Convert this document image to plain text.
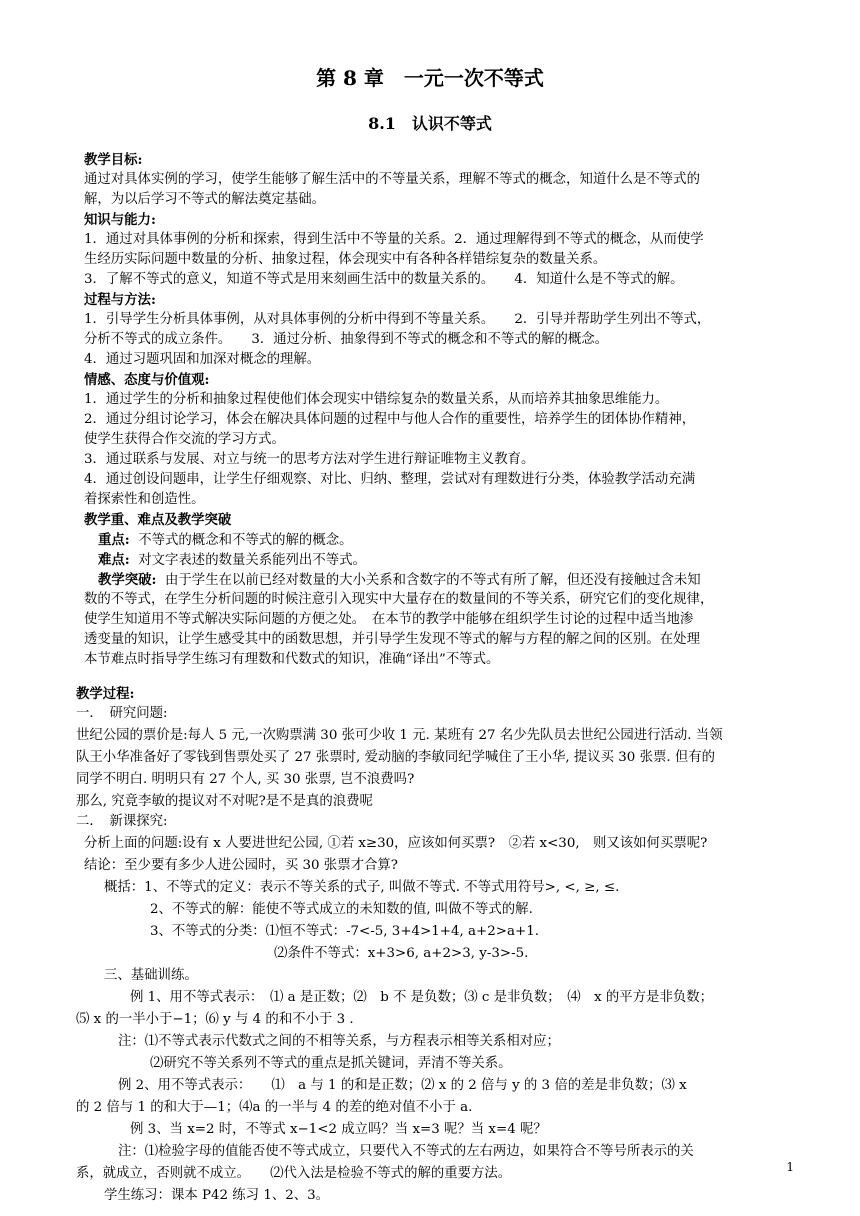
第 8 章　一元一次不等式
8.1　认识不等式
教学目标:
通过对具体实例的学习，使学生能够了解生活中的不等量关系，理解不等式的概念，知道什么是不等式的
解，为以后学习不等式的解法奠定基础。
知识与能力:
1．通过对具体事例的分析和探索，得到生活中不等量的关系。2．通过理解得到不等式的概念，从而使学
生经历实际问题中数量的分析、抽象过程，体会现实中有各种各样错综复杂的数量关系。
3．了解不等式的意义，知道不等式是用来刻画生活中的数量关系的。　　4．知道什么是不等式的解。
过程与方法:
1．引导学生分析具体事例，从对具体事例的分析中得到不等量关系。　　2．引导并帮助学生列出不等式，
分析不等式的成立条件。　　3．通过分析、抽象得到不等式的概念和不等式的解的概念。
4．通过习题巩固和加深对概念的理解。
情感、态度与价值观:
1．通过学生的分析和抽象过程使他们体会现实中错综复杂的数量关系，从而培养其抽象思维能力。
2．通过分组讨论学习，体会在解决具体问题的过程中与他人合作的重要性，培养学生的团体协作精神，
使学生获得合作交流的学习方式。
3．通过联系与发展、对立与统一的思考方法对学生进行辩证唯物主义教育。
4．通过创设问题串，让学生仔细观察、对比、归纳、整理，尝试对有理数进行分类，体验教学活动充满
着探索性和创造性。
教学重、难点及教学突破
重点: 不等式的概念和不等式的解的概念。
难点: 对文字表述的数量关系能列出不等式。
教学突破: 由于学生在以前已经对数量的大小关系和含数字的不等式有所了解，但还没有接触过含未知
数的不等式，在学生分析问题的时候注意引入现实中大量存在的数量间的不等关系，研究它们的变化规律，
使学生知道用不等式解决实际问题的方便之处。　在本节的教学中能够在组织学生讨论的过程中适当地渗
透变量的知识，让学生感受其中的函数思想，并引导学生发现不等式的解与方程的解之间的区别。在处理
本节难点时指导学生练习有理数和代数式的知识，准确“译出”不等式。
教学过程:
一．　研究问题:
世纪公园的票价是:每人 5 元,一次购票满 30 张可少收 1 元. 某班有 27 名少先队员去世纪公园进行活动. 当领
队王小华准备好了零钱到售票处买了 27 张票时, 爱动脑的李敏同纪学喊住了王小华, 提议买 30 张票. 但有的
同学不明白. 明明只有 27 个人, 买 30 张票, 岂不浪费吗?
那么, 究竟李敏的提议对不对呢?是不是真的浪费呢
二．　新课探究:
分析上面的问题:设有 x 人要进世纪公园, ①若 x≥30，应该如何买票?　②若 x<30,　则又该如何买票呢?
结论：至少要有多少人进公园时，买 30 张票才合算?
概括：1、不等式的定义：表示不等关系的式子, 叫做不等式. 不等式用符号>, <, ≥, ≤.
2、不等式的解：能使不等式成立的未知数的值, 叫做不等式的解.
3、不等式的分类：⑴恒不等式：-7<-5, 3+4>1+4, a+2>a+1.
⑵条件不等式：x+3>6, a+2>3, y-3>-5.
三、基础训练。
例 1、用不等式表示：　⑴ a 是正数；⑵　b 不 是负数；⑶ c 是非负数；　⑷　x 的平方是非负数；
⑸ x 的一半小于−1；⑹ y 与 4 的和不小于 3 .
注：⑴不等式表示代数式之间的不相等关系，与方程表示相等关系相对应；
⑵研究不等关系列不等式的重点是抓关键词，弄清不等关系。
例 2、用不等式表示：　　⑴　a 与 1 的和是正数；⑵ x 的 2 倍与 y 的 3 倍的差是非负数；⑶ x
的 2 倍与 1 的和大于—1；⑷a 的一半与 4 的差的绝对值不小于 a.
例 3、当 x=2 时，不等式 x−1<2 成立吗？当 x=3 呢？当 x=4 呢？
注：⑴检验字母的值能否使不等式成立，只要代入不等式的左右两边，如果符合不等号所表示的关
系，就成立，否则就不成立。　　⑵代入法是检验不等式的解的重要方法。
学生练习：课本 P42 练习 1、2、3。
1
